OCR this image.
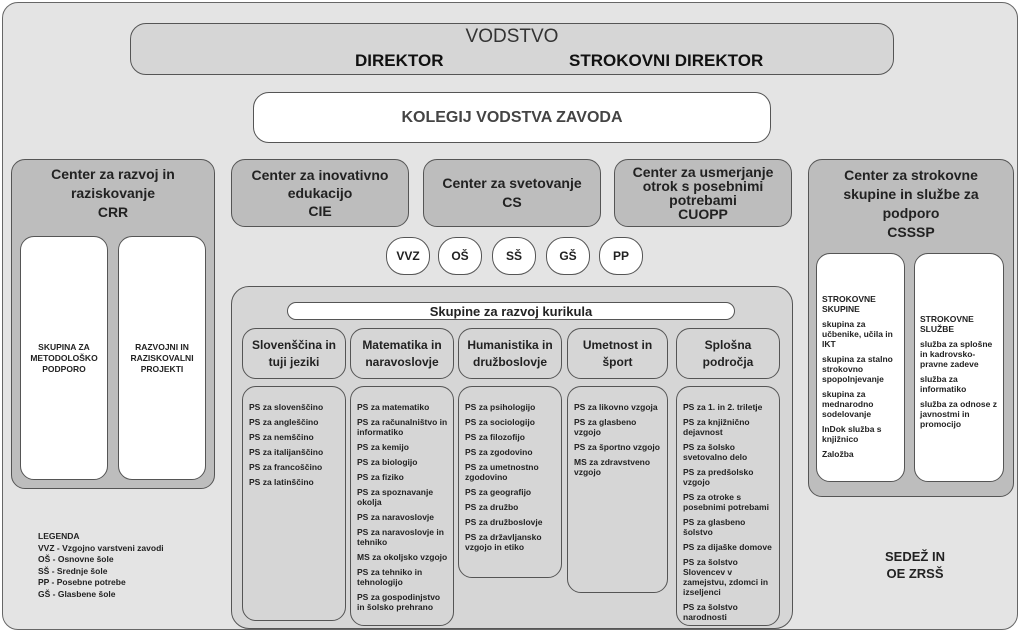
VODSTVO
DIREKTOR	STROKOVNI DIREKTOR
KOLEGIJ VODSTVA ZAVODA
Center za razvoj in
raziskovanje
CRR
SKUPINA ZA
METODOLOŠKO
PODPORO
RAZVOJNI IN
RAZISKOVALNI
PROJEKTI
Center za inovativno
edukacijo
CIE
Center za svetovanje
CS
Center za usmerjanje
otrok s posebnimi
potrebami
CUOPP
Center za strokovne
skupine in službe za
podporo
CSSSP
STROKOVNE SKUPINE
skupina za učbenike, učila in IKT
skupina za stalno strokovno spopolnjevanje
skupina za mednarodno sodelovanje
InDok služba s knjižnico
Založba
STROKOVNE SLUŽBE
služba za splošne in kadrovsko-pravne zadeve
služba za informatiko
služba za odnose z javnostmi in promocijo
VVZ	OŠ	SŠ	GŠ	PP
Skupine za razvoj kurikula
Slovenščina in
tuji jeziki
PS za slovenščino
PS za angleščino
PS za nemščino
PS za italijanščino
PS za francoščino
PS za latinščino
Matematika in
naravoslovje
PS za matematiko
PS za računalništvo in informatiko
PS za kemijo
PS za biologijo
PS za fiziko
PS za spoznavanje okolja
PS za naravoslovje
PS za naravoslovje in tehniko
MS za okoljsko vzgojo
PS za tehniko in tehnologijo
PS za gospodinjstvo in šolsko prehrano
Humanistika in
družboslovje
PS za psihologijo
PS za sociologijo
PS za filozofijo
PS za zgodovino
PS za umetnostno zgodovino
PS za geografijo
PS za družbo
PS za družboslovje
PS za državljansko vzgojo in etiko
Umetnost in
šport
PS za likovno vzgoja
PS za glasbeno vzgojo
PS za športno vzgojo
MS za zdravstveno vzgojo
Splošna
področja
PS za 1. in 2. triletje
PS za knjižnično dejavnost
PS za šolsko svetovalno delo
PS za predšolsko vzgojo
PS za otroke s posebnimi potrebami
PS za glasbeno šolstvo
PS za dijaške domove
PS za šolstvo Slovencev v zamejstvu, zdomci in izseljenci
PS za šolstvo narodnosti
LEGENDA
VVZ - Vzgojno varstveni zavodi
OŠ - Osnovne šole
SŠ - Srednje šole
PP - Posebne potrebe
GŠ - Glasbene šole
SEDEŽ IN
OE ZRSŠ
